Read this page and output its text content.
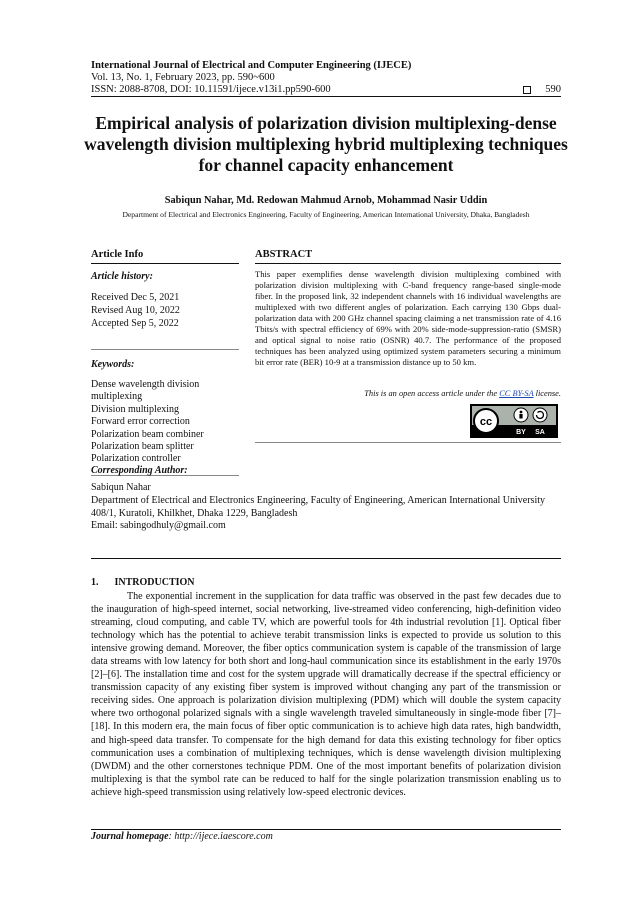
International Journal of Electrical and Computer Engineering (IJECE)
Vol. 13, No. 1, February 2023, pp. 590~600
ISSN: 2088-8708, DOI: 10.11591/ijece.v13i1.pp590-600	590
Empirical analysis of polarization division multiplexing-dense wavelength division multiplexing hybrid multiplexing techniques for channel capacity enhancement
Sabiqun Nahar, Md. Redowan Mahmud Arnob, Mohammad Nasir Uddin
Department of Electrical and Electronics Engineering, Faculty of Engineering, American International University, Dhaka, Bangladesh
Article Info
Article history:
Received Dec 5, 2021
Revised Aug 10, 2022
Accepted Sep 5, 2022
Keywords:
Dense wavelength division
multiplexing
Division multiplexing
Forward error correction
Polarization beam combiner
Polarization beam splitter
Polarization controller
ABSTRACT
This paper exemplifies dense wavelength division multiplexing combined with polarization division multiplexing with C-band frequency range-based single-mode fiber. In the proposed link, 32 independent channels with 16 individual wavelengths are multiplexed with two different angles of polarization. Each carrying 130 Gbps dual-polarization data with 200 GHz channel spacing claiming a net transmission rate of 4.16 Tbits/s with spectral efficiency of 69% with 20% side-mode-suppression-ratio (SMSR) and optical signal to noise ratio (OSNR) 40.7. The performance of the proposed techniques has been analyzed using optimized system parameters securing a minimum bit error rate (BER) 10-9 at a transmission distance up to 50 km.
This is an open access article under the CC BY-SA license.
cc
BY SA
Corresponding Author:
Sabiqun Nahar
Department of Electrical and Electronics Engineering, Faculty of Engineering, American International University
408/1, Kuratoli, Khilkhet, Dhaka 1229, Bangladesh
Email: sabingodhuly@gmail.com
1. INTRODUCTION
The exponential increment in the supplication for data traffic was observed in the past few decades due to the inauguration of high-speed internet, social networking, live-streamed video conferencing, high-definition video streaming, cloud computing, and cable TV, which are powerful tools for 4th industrial revolution [1]. Optical fiber technology which has the potential to achieve terabit transmission links is expected to provide us solution to this intensive growing demand. Moreover, the fiber optics communication system is capable of the transmission of large data streams with low latency for both short and long-haul communication since its establishment in the early 1970s [2]–[6]. The installation time and cost for the system upgrade will dramatically decrease if the spectral efficiency or transmission capacity of any existing fiber system is improved without changing any part of the transmission or receiving sides. One approach is polarization division multiplexing (PDM) which will double the system capacity where two orthogonal polarized signals with a single wavelength traveled simultaneously in single-mode fiber [7]–[18]. In this modern era, the main focus of fiber optic communication is to achieve high data rates, high bandwidth, and high-speed data transfer. To compensate for the high demand for data this existing technology for fiber optics communication uses a combination of multiplexing techniques, which is dense wavelength division multiplexing (DWDM) and the other cornerstones technique PDM. One of the most important benefits of polarization division multiplexing is that the symbol rate can be reduced to half for the single polarization transmission enabling us to achieve high-speed transmission using relatively low-speed electronic devices.
Journal homepage: http://ijece.iaescore.com
